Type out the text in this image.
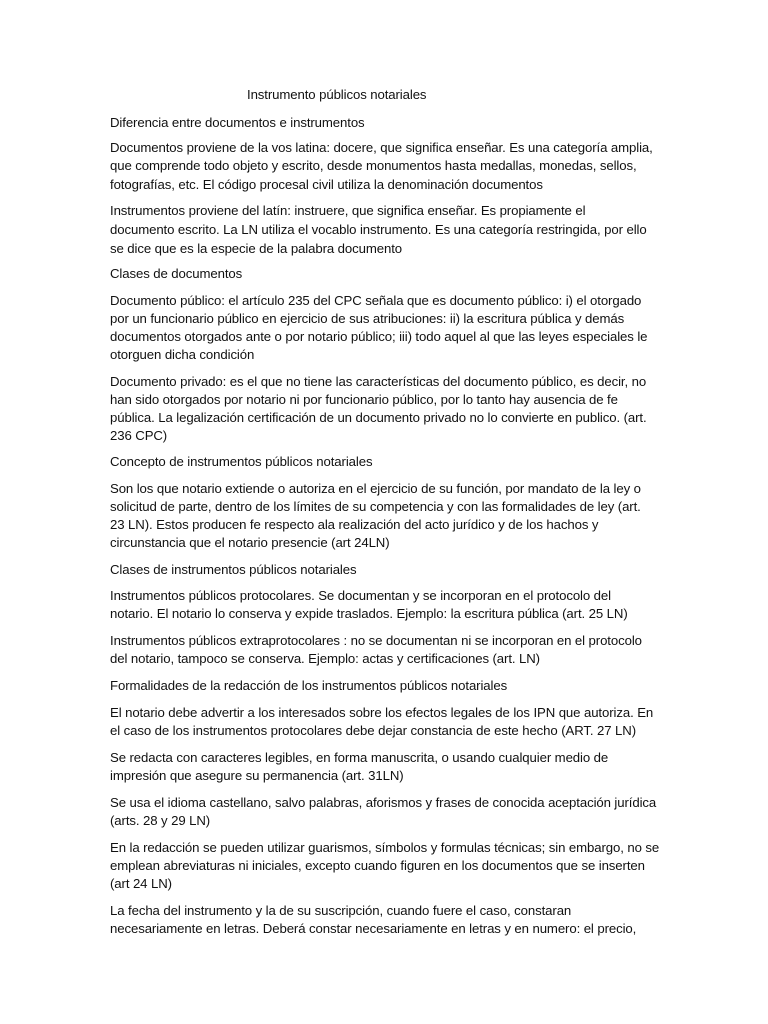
Instrumento públicos notariales
Diferencia entre documentos e instrumentos
Documentos proviene de la vos latina: docere, que significa enseñar. Es una categoría amplia,
que comprende todo objeto y escrito, desde monumentos hasta medallas, monedas, sellos,
fotografías, etc. El código procesal civil utiliza la denominación documentos
Instrumentos proviene del latín: instruere, que significa enseñar. Es propiamente el
documento escrito. La LN utiliza el vocablo instrumento. Es una categoría restringida, por ello
se dice que es la especie de la palabra documento
Clases de documentos
Documento público: el artículo 235 del CPC señala que es documento público: i) el otorgado
por un funcionario público en ejercicio de sus atribuciones: ii) la escritura pública y demás
documentos otorgados ante o por notario público; iii) todo aquel al que las leyes especiales le
otorguen dicha condición
Documento privado: es el que no tiene las características del documento público, es decir, no
han sido otorgados por notario ni por funcionario público, por lo tanto hay ausencia de fe
pública. La legalización certificación de un documento privado no lo convierte en publico. (art.
236 CPC)
Concepto de instrumentos públicos notariales
Son los que notario extiende o autoriza en el ejercicio de su función, por mandato de la ley o
solicitud de parte, dentro de los límites de su competencia y con las formalidades de ley (art.
23 LN). Estos producen fe respecto ala realización del acto jurídico y de los hachos y
circunstancia que el notario presencie (art 24LN)
Clases de instrumentos públicos notariales
Instrumentos públicos protocolares. Se documentan y se incorporan en el protocolo del
notario. El notario lo conserva y expide traslados. Ejemplo: la escritura pública (art. 25 LN)
Instrumentos públicos extraprotocolares : no se documentan ni se incorporan en el protocolo
del notario, tampoco se conserva. Ejemplo: actas y certificaciones (art. LN)
Formalidades de la redacción de los instrumentos públicos notariales
El notario debe advertir a los interesados sobre los efectos legales de los IPN que autoriza. En
el caso de los instrumentos protocolares debe dejar constancia de este hecho (ART. 27 LN)
Se redacta con caracteres legibles, en forma manuscrita, o usando cualquier medio de
impresión que asegure su permanencia (art. 31LN)
Se usa el idioma castellano, salvo palabras, aforismos y frases de conocida aceptación jurídica
(arts. 28 y 29 LN)
En la redacción se pueden utilizar guarismos, símbolos y formulas técnicas; sin embargo, no se
emplean abreviaturas ni iniciales, excepto cuando figuren en los documentos que se inserten
(art 24 LN)
La fecha del instrumento y la de su suscripción, cuando fuere el caso, constaran
necesariamente en letras. Deberá constar necesariamente en letras y en numero: el precio,
